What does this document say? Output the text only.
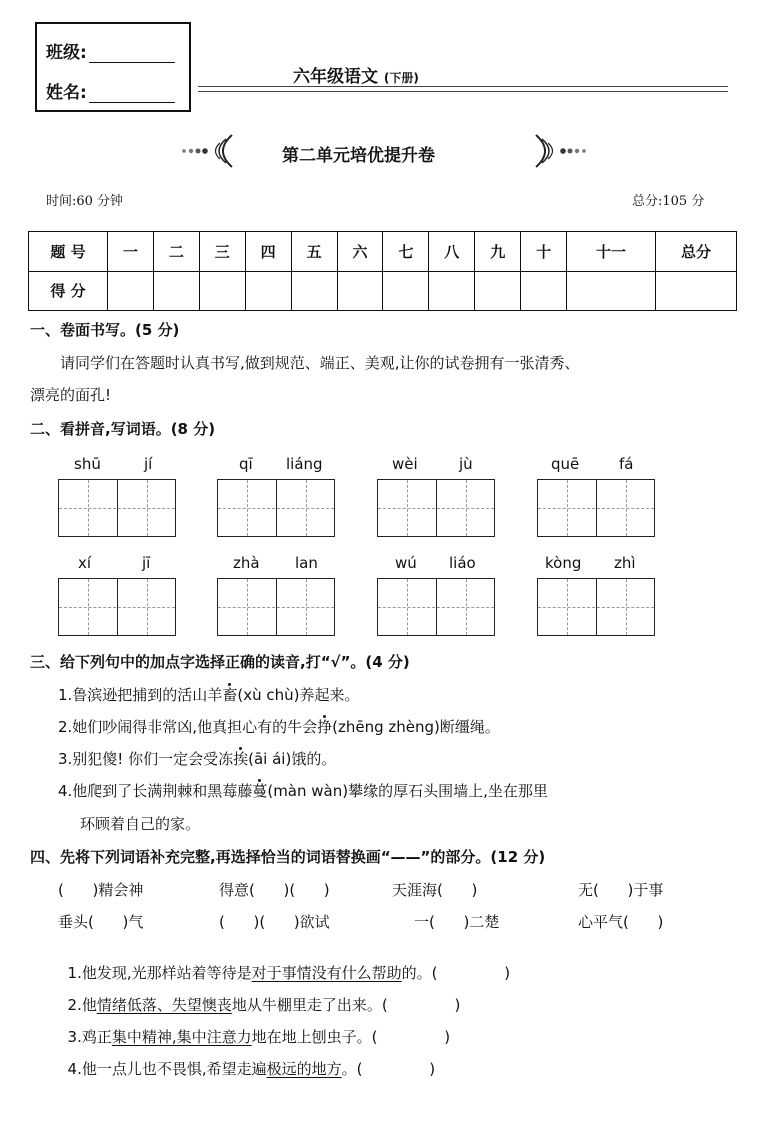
班级:
姓名:
六年级语文 (下册)
第二单元培优提升卷
时间:60 分钟	总分:105 分
题 号	一	二	三	四	五	六	七	八	九	十	十一	总分
得 分												
一、卷面书写。(5 分)
请同学们在答题时认真书写,做到规范、端正、美观,让你的试卷拥有一张清秀、
漂亮的面孔!
二、看拼音,写词语。(8 分)
shū	jí	qī liáng	wèi	jù	quē	fá
xí	jī	zhà lan	wú liáo	kòng zhì
三、给下列句中的加点字选择正确的读音,打“√”。(4 分)
1.鲁滨逊把捕到的活山羊畜(xù chù)养起来。
2.她们吵闹得非常凶,他真担心有的牛会挣(zhēng zhèng)断缰绳。
3.别犯傻! 你们一定会受冻挨(āi ái)饿的。
4.他爬到了长满荆棘和黑莓藤蔓(màn wàn)攀缘的厚石头围墙上,坐在那里
环顾着自己的家。
四、先将下列词语补充完整,再选择恰当的词语替换画“——”的部分。(12 分)
(      )精会神	得意(      )(      )	天涯海(      )	无(      )于事
垂头(      )气	(      )(      )欲试	一(      )二楚	心平气(      )

1.他发现,光那样站着等待是对于事情没有什么帮助的。(              )

2.他情绪低落、失望懊丧地从牛棚里走了出来。(              )

3.鸡正集中精神,集中注意力地在地上刨虫子。(              )

4.他一点儿也不畏惧,希望走遍极远的地方。(              )
